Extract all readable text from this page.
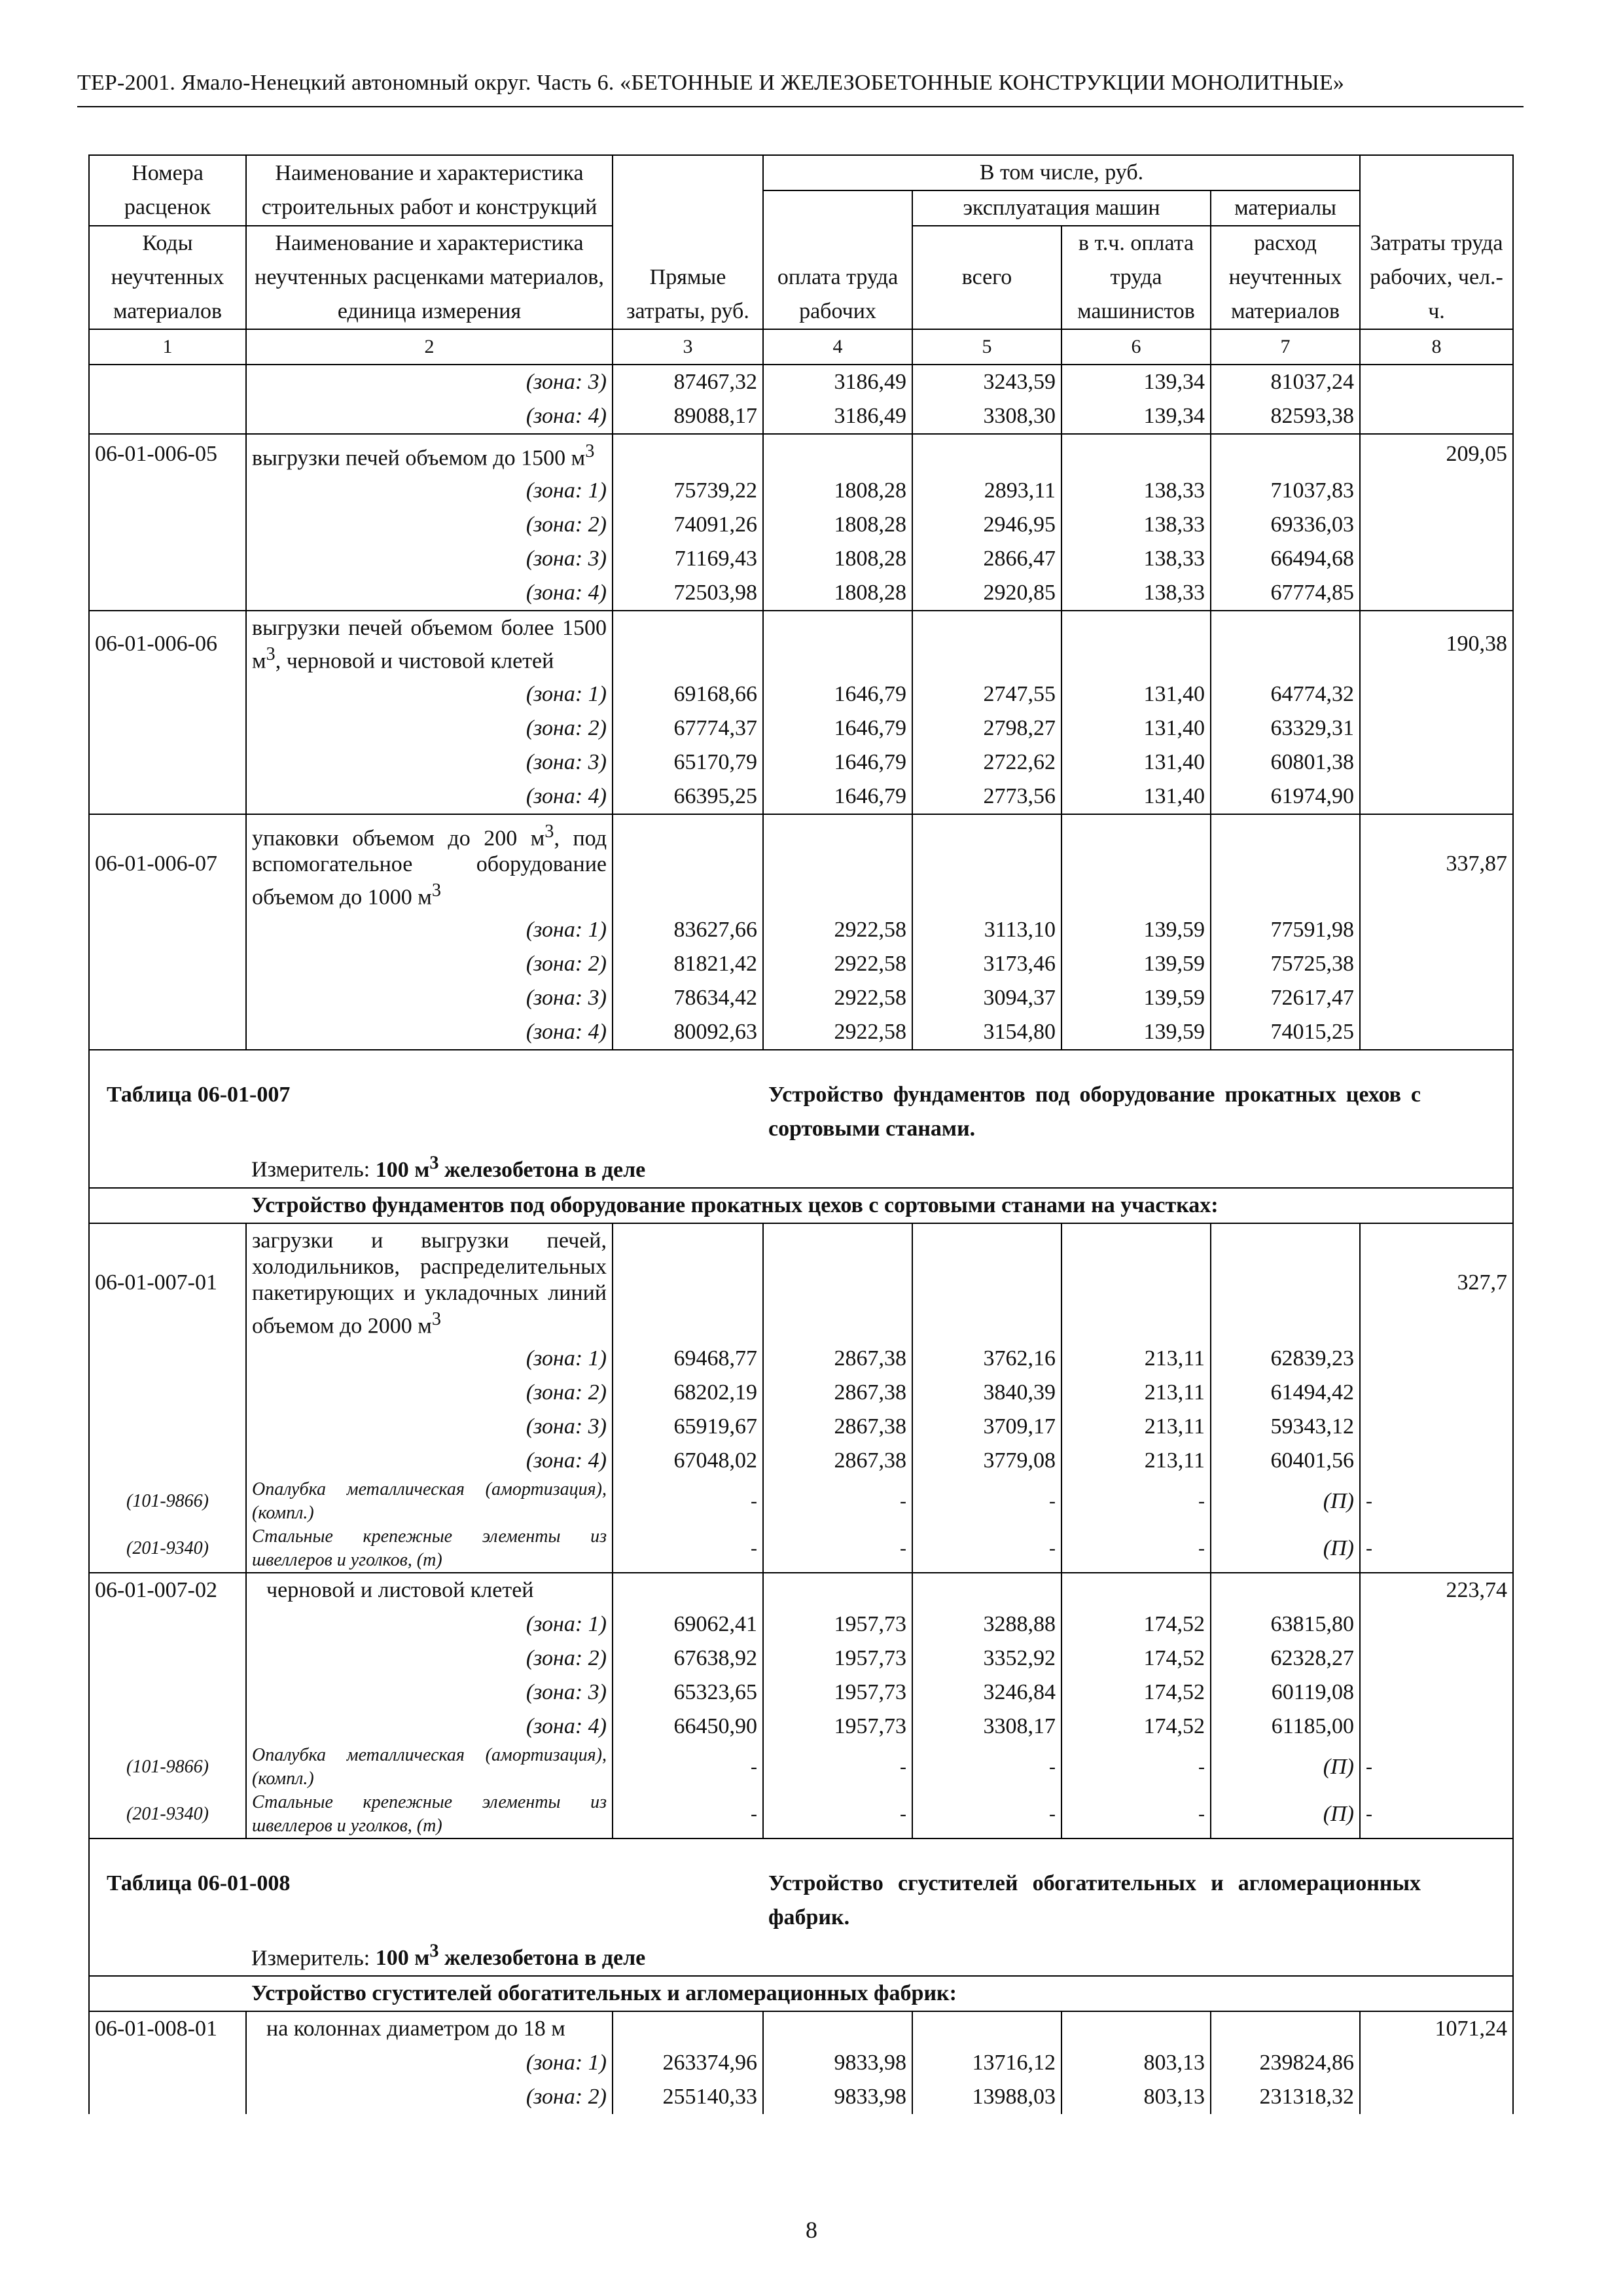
ТЕР-2001. Ямало-Ненецкий автономный округ. Часть 6. «БЕТОННЫЕ И ЖЕЛЕЗОБЕТОННЫЕ КОНСТРУКЦИИ МОНОЛИТНЫЕ»
Номера расценок	Наименование и характеристика строительных работ и конструкций	Прямые затраты, руб.	В том числе, руб.				Затраты труда рабочих, чел.-ч.
			оплата труда рабочих	эксплуатация машин		материалы	
Коды неучтенных материалов	Наименование и характеристика неучтенных расценками материалов, единица измерения			всего	в т.ч. оплата труда машинистов	расход неучтенных материалов	

1	2	3	4	5	6	7	8
	(зона: 3)	87467,32	3186,49	3243,59	139,34	81037,24	
	(зона: 4)	89088,17	3186,49	3308,30	139,34	82593,38	
06-01-006-05	выгрузки печей объемом до 1500 $м^3$						209,05
	(зона: 1)	75739,22	1808,28	2893,11	138,33	71037,83	
	(зона: 2)	74091,26	1808,28	2946,95	138,33	69336,03	
	(зона: 3)	71169,43	1808,28	2866,47	138,33	66494,68	
	(зона: 4)	72503,98	1808,28	2920,85	138,33	67774,85	
06-01-006-06	выгрузки печей объемом более 1500 $м^3$, черновой и чистовой клетей						190,38
	(зона: 1)	69168,66	1646,79	2747,55	131,40	64774,32	
	(зона: 2)	67774,37	1646,79	2798,27	131,40	63329,31	
	(зона: 3)	65170,79	1646,79	2722,62	131,40	60801,38	
	(зона: 4)	66395,25	1646,79	2773,56	131,40	61974,90	
06-01-006-07	упаковки объемом до 200 $м^3$, под вспомогательное оборудование объемом до 1000 $м^3$						337,87
	(зона: 1)	83627,66	2922,58	3113,10	139,59	77591,98	
	(зона: 2)	81821,42	2922,58	3173,46	139,59	75725,38	
	(зона: 3)	78634,42	2922,58	3094,37	139,59	72617,47	
	(зона: 4)	80092,63	2922,58	3154,80	139,59	74015,25	
Таблица 06-01-007			Устройство фундаментов под оборудование прокатных цехов с сортовыми станами.				
	Измеритель: 100 $м^3$ железобетона в деле						
	Устройство фундаментов под оборудование прокатных цехов с сортовыми станами на участках:						
06-01-007-01	загрузки и выгрузки печей, холодильников, распределительных пакетирующих и укладочных линий объемом до 2000 $м^3$						327,7
	(зона: 1)	69468,77	2867,38	3762,16	213,11	62839,23	
	(зона: 2)	68202,19	2867,38	3840,39	213,11	61494,42	
	(зона: 3)	65919,67	2867,38	3709,17	213,11	59343,12	
	(зона: 4)	67048,02	2867,38	3779,08	213,11	60401,56	
(101-9866)	Опалубка металлическая (амортизация), (компл.)	-	-	-	-	(П)	-
(201-9340)	Стальные крепежные элементы из швеллеров и уголков, (т)	-	-	-	-	(П)	-
06-01-007-02	черновой и листовой клетей						223,74
	(зона: 1)	69062,41	1957,73	3288,88	174,52	63815,80	
	(зона: 2)	67638,92	1957,73	3352,92	174,52	62328,27	
	(зона: 3)	65323,65	1957,73	3246,84	174,52	60119,08	
	(зона: 4)	66450,90	1957,73	3308,17	174,52	61185,00	
(101-9866)	Опалубка металлическая (амортизация), (компл.)	-	-	-	-	(П)	-
(201-9340)	Стальные крепежные элементы из швеллеров и уголков, (т)	-	-	-	-	(П)	-
Таблица 06-01-008			Устройство сгустителей обогатительных и агломерационных фабрик.				
	Измеритель: 100 $м^3$ железобетона в деле						
	Устройство сгустителей обогатительных и агломерационных фабрик:						
06-01-008-01	на колоннах диаметром до 18 м						1071,24
	(зона: 1)	263374,96	9833,98	13716,12	803,13	239824,86	
	(зона: 2)	255140,33	9833,98	13988,03	803,13	231318,32	
8
